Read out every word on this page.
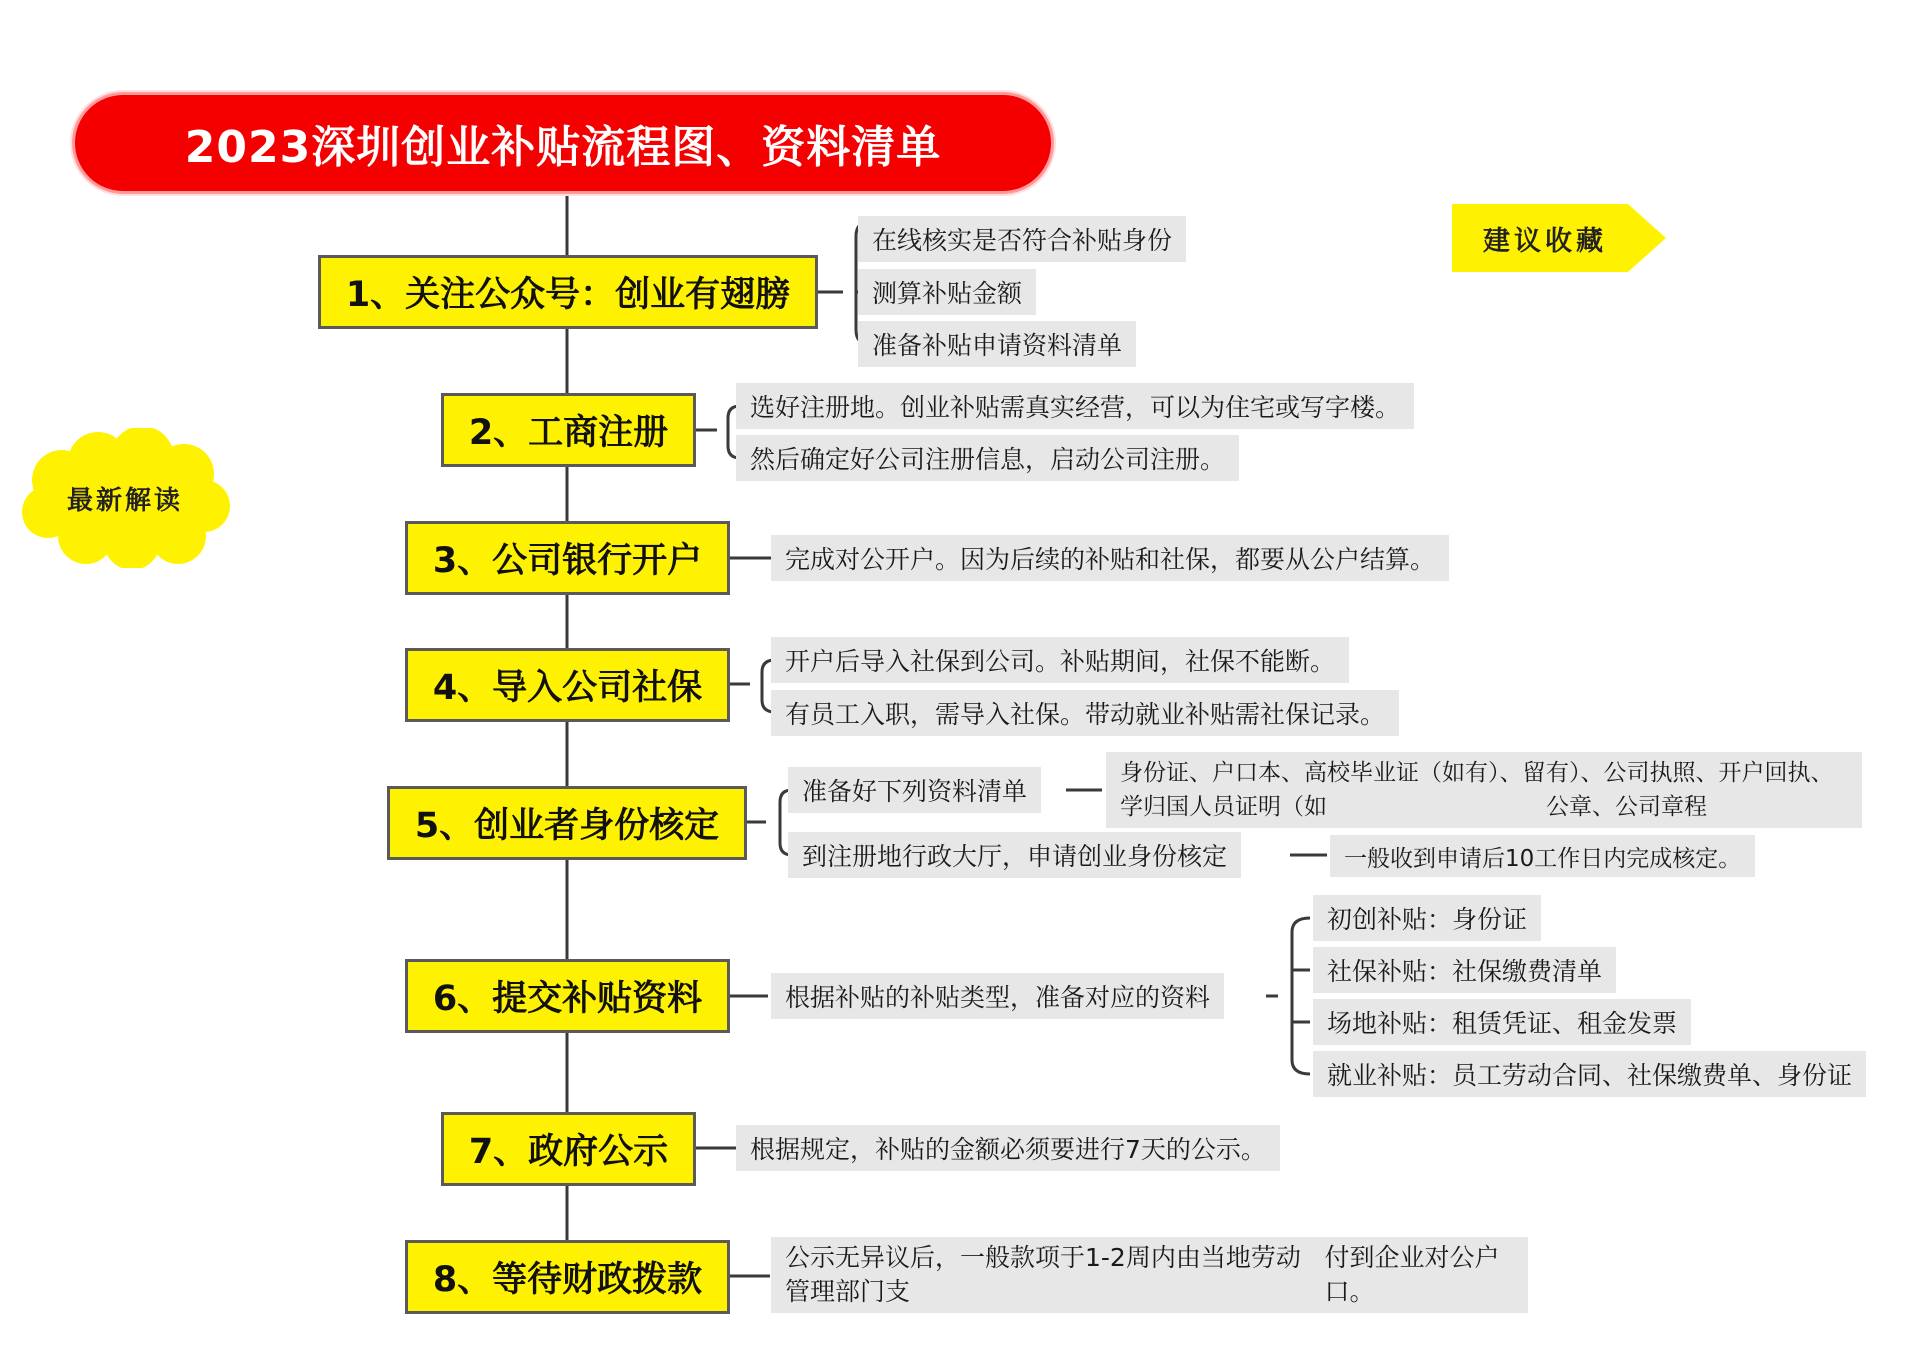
2023深圳创业补贴流程图、资料清单
建议收藏
最新解读
1、关注公众号：创业有翅膀
在线核实是否符合补贴身份
测算补贴金额
准备补贴申请资料清单
2、工商注册
选好注册地。创业补贴需真实经营，可以为住宅或写字楼。
然后确定好公司注册信息，启动公司注册。
3、公司银行开户	完成对公开户。因为后续的补贴和社保，都要从公户结算。
4、导入公司社保
开户后导入社保到公司。补贴期间，社保不能断。
有员工入职，需导入社保。带动就业补贴需社保记录。
5、创业者身份核定
准备好下列资料清单
身份证、户口本、高校毕业证（如有）、留学归国人员证明（如
有）、公司执照、开户回执、公章、公司章程
到注册地行政大厅，申请创业身份核定	一般收到申请后10工作日内完成核定。
6、提交补贴资料	根据补贴的补贴类型，准备对应的资料
初创补贴：身份证
社保补贴：社保缴费清单
场地补贴：租赁凭证、租金发票
就业补贴：员工劳动合同、社保缴费单、身份证
7、政府公示	根据规定，补贴的金额必须要进行7天的公示。
8、等待财政拨款
公示无异议后，一般款项于1-2周内由当地劳动管理部门支
付到企业对公户口。
